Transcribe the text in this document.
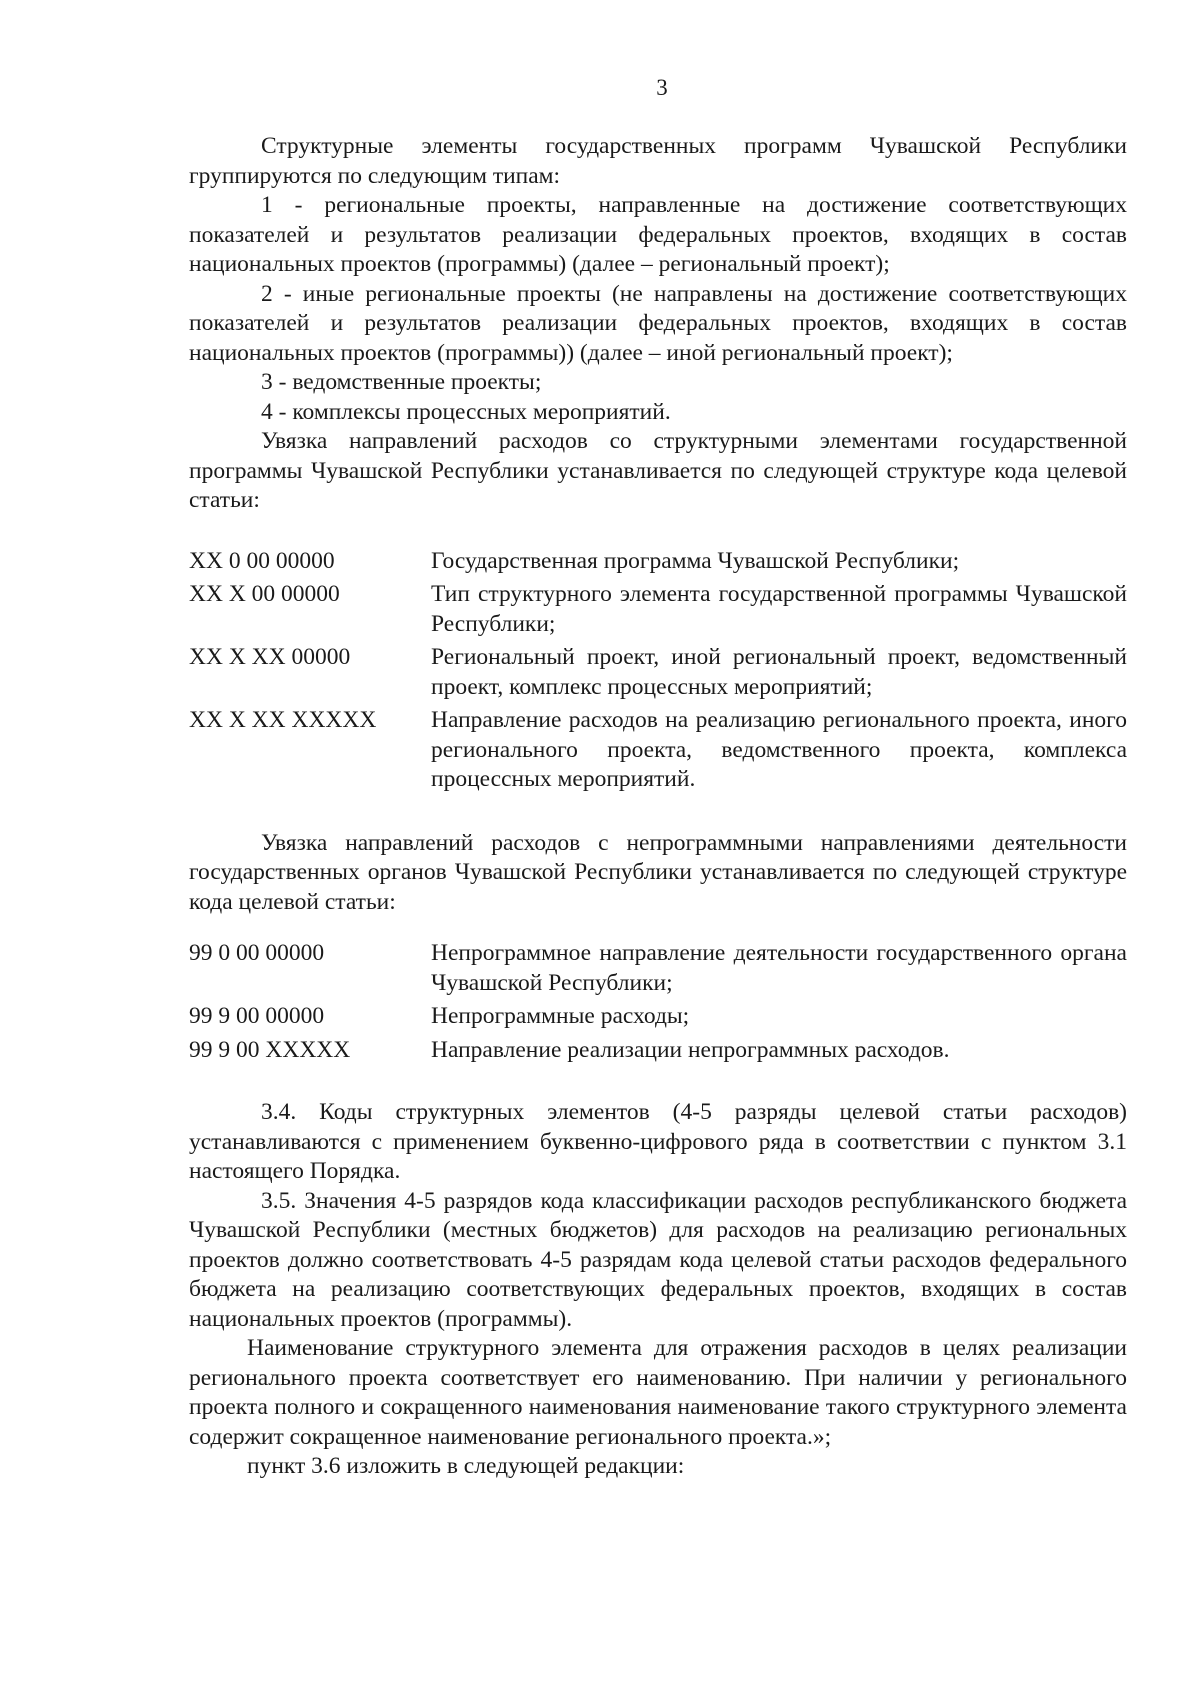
3

Структурные элементы государственных программ Чувашской Республики группируются по следующим типам:

1 - региональные проекты, направленные на достижение соответствующих показателей и результатов реализации федеральных проектов, входящих в состав национальных проектов (программы) (далее – региональный проект);

2 - иные региональные проекты (не направлены на достижение соответствующих показателей и результатов реализации федеральных проектов, входящих в состав национальных проектов (программы)) (далее – иной региональный проект);

3 - ведомственные проекты;

4 - комплексы процессных мероприятий.

Увязка направлений расходов со структурными элементами государственной программы Чувашской Республики устанавливается по следующей структуре кода целевой статьи:

XX 0 00 00000	Государственная программа Чувашской Республики;
XX X 00 00000	Тип структурного элемента государственной программы Чувашской Республики;
XX X XX 00000	Региональный проект, иной региональный проект, ведомственный проект, комплекс процессных мероприятий;
XX X XX XXXXX	Направление расходов на реализацию регионального проекта, иного регионального проекта, ведомственного проекта, комплекса процессных мероприятий.

Увязка направлений расходов с непрограммными направлениями деятельности государственных органов Чувашской Республики устанавливается по следующей структуре кода целевой статьи:

99 0 00 00000	Непрограммное направление деятельности государственного органа Чувашской Республики;
99 9 00 00000	Непрограммные расходы;
99 9 00 XXXXX	Направление реализации непрограммных расходов.

3.4. Коды структурных элементов (4-5 разряды целевой статьи расходов) устанавливаются с применением буквенно-цифрового ряда в соответствии с пунктом 3.1 настоящего Порядка.

3.5. Значения 4-5 разрядов кода классификации расходов республиканского бюджета Чувашской Республики (местных бюджетов) для расходов на реализацию региональных проектов должно соответствовать 4-5 разрядам кода целевой статьи расходов федерального бюджета на реализацию соответствующих федеральных проектов, входящих в состав национальных проектов (программы).

Наименование структурного элемента для отражения расходов в целях реализации регионального проекта соответствует его наименованию. При наличии у регионального проекта полного и сокращенного наименования наименование такого структурного элемента содержит сокращенное наименование регионального проекта.»;

пункт 3.6 изложить в следующей редакции:
